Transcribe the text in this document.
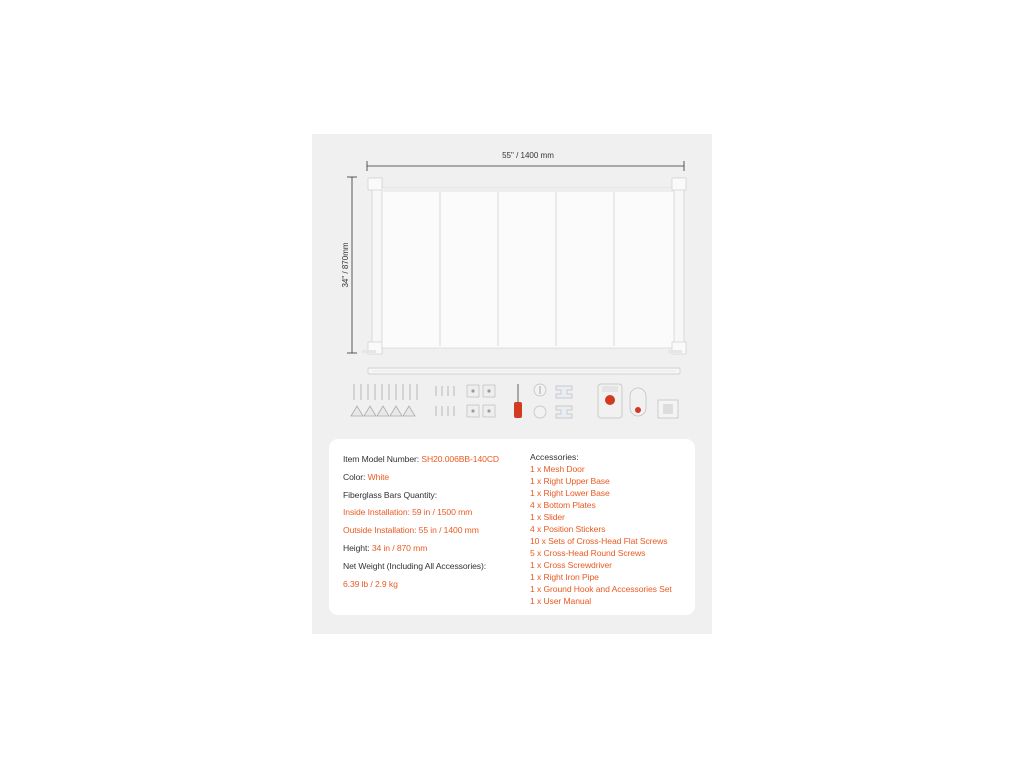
55" / 1400 mm
34" / 870mm
Item Model Number: SH20.006BB-140CD
Color: White
Fiberglass Bars Quantity:
Inside Installation: 59 in / 1500 mm
Outside Installation: 55 in / 1400 mm
Height: 34 in / 870 mm
Net Weight (Including All Accessories):
6.39 lb / 2.9 kg
Accessories:
1 x Mesh Door
1 x Right Upper Base
1 x Right Lower Base
4 x Bottom Plates
1 x Slider
4 x Position Stickers
10 x Sets of Cross-Head Flat Screws
5 x Cross-Head Round Screws
1 x Cross Screwdriver
1 x Right Iron Pipe
1 x Ground Hook and Accessories Set
1 x User Manual
